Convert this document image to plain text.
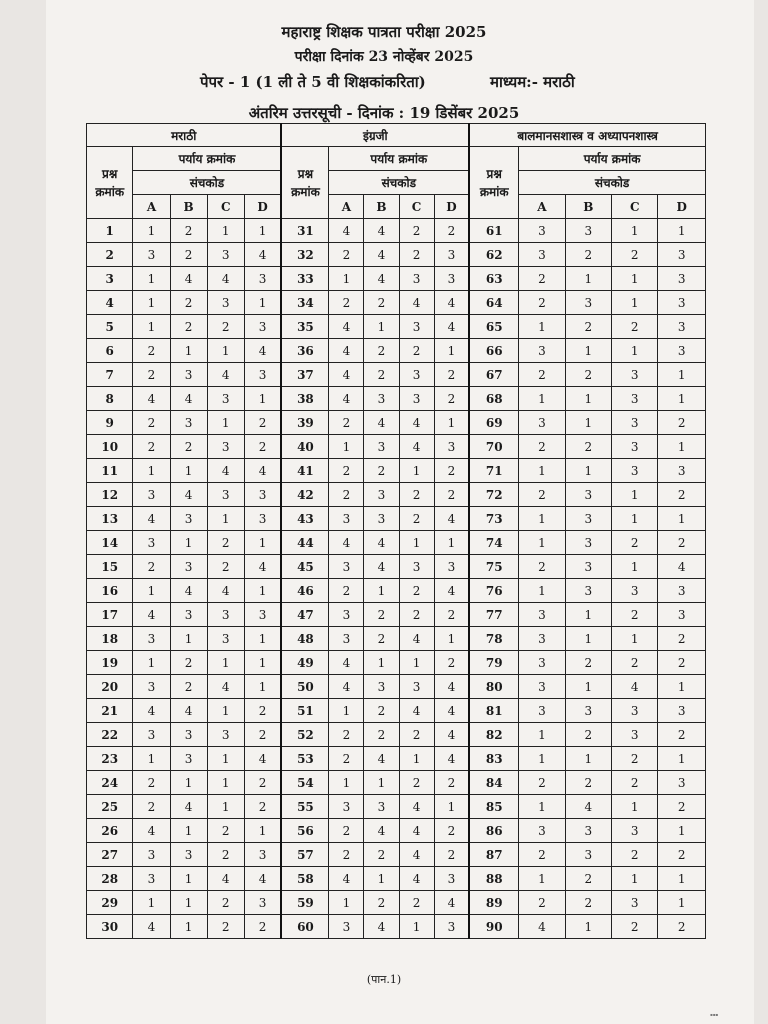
महाराष्ट्र शिक्षक पात्रता परीक्षा 2025
परीक्षा दिनांक 23 नोव्हेंबर 2025
पेपर - 1 (1 ली ते 5 वी शिक्षकांकरिता)	माध्यम:- मराठी
अंतरिम उत्तरसूची - दिनांक : 19 डिसेंबर 2025
मराठी					इंग्रजी					बालमानसशास्त्र व अध्यापनशास्त्र				
प्रश्न क्रमांक	पर्याय क्रमांक				प्रश्न क्रमांक	पर्याय क्रमांक				प्रश्न क्रमांक	पर्याय क्रमांक			
	संचकोड					संचकोड					संचकोड			
	A	B	C	D		A	B	C	D		A	B	C	D
1	1	2	1	1	31	4	4	2	2	61	3	3	1	1
2	3	2	3	4	32	2	4	2	3	62	3	2	2	3
3	1	4	4	3	33	1	4	3	3	63	2	1	1	3
4	1	2	3	1	34	2	2	4	4	64	2	3	1	3
5	1	2	2	3	35	4	1	3	4	65	1	2	2	3
6	2	1	1	4	36	4	2	2	1	66	3	1	1	3
7	2	3	4	3	37	4	2	3	2	67	2	2	3	1
8	4	4	3	1	38	4	3	3	2	68	1	1	3	1
9	2	3	1	2	39	2	4	4	1	69	3	1	3	2
10	2	2	3	2	40	1	3	4	3	70	2	2	3	1
11	1	1	4	4	41	2	2	1	2	71	1	1	3	3
12	3	4	3	3	42	2	3	2	2	72	2	3	1	2
13	4	3	1	3	43	3	3	2	4	73	1	3	1	1
14	3	1	2	1	44	4	4	1	1	74	1	3	2	2
15	2	3	2	4	45	3	4	3	3	75	2	3	1	4
16	1	4	4	1	46	2	1	2	4	76	1	3	3	3
17	4	3	3	3	47	3	2	2	2	77	3	1	2	3
18	3	1	3	1	48	3	2	4	1	78	3	1	1	2
19	1	2	1	1	49	4	1	1	2	79	3	2	2	2
20	3	2	4	1	50	4	3	3	4	80	3	1	4	1
21	4	4	1	2	51	1	2	4	4	81	3	3	3	3
22	3	3	3	2	52	2	2	2	4	82	1	2	3	2
23	1	3	1	4	53	2	4	1	4	83	1	1	2	1
24	2	1	1	2	54	1	1	2	2	84	2	2	2	3
25	2	4	1	2	55	3	3	4	1	85	1	4	1	2
26	4	1	2	1	56	2	4	4	2	86	3	3	3	1
27	3	3	2	3	57	2	2	4	2	87	2	3	2	2
28	3	1	4	4	58	4	1	4	3	88	1	2	1	1
29	1	1	2	3	59	1	2	2	4	89	2	2	3	1
30	4	1	2	2	60	3	4	1	3	90	4	1	2	2
(पान.1)
▪▪▪
